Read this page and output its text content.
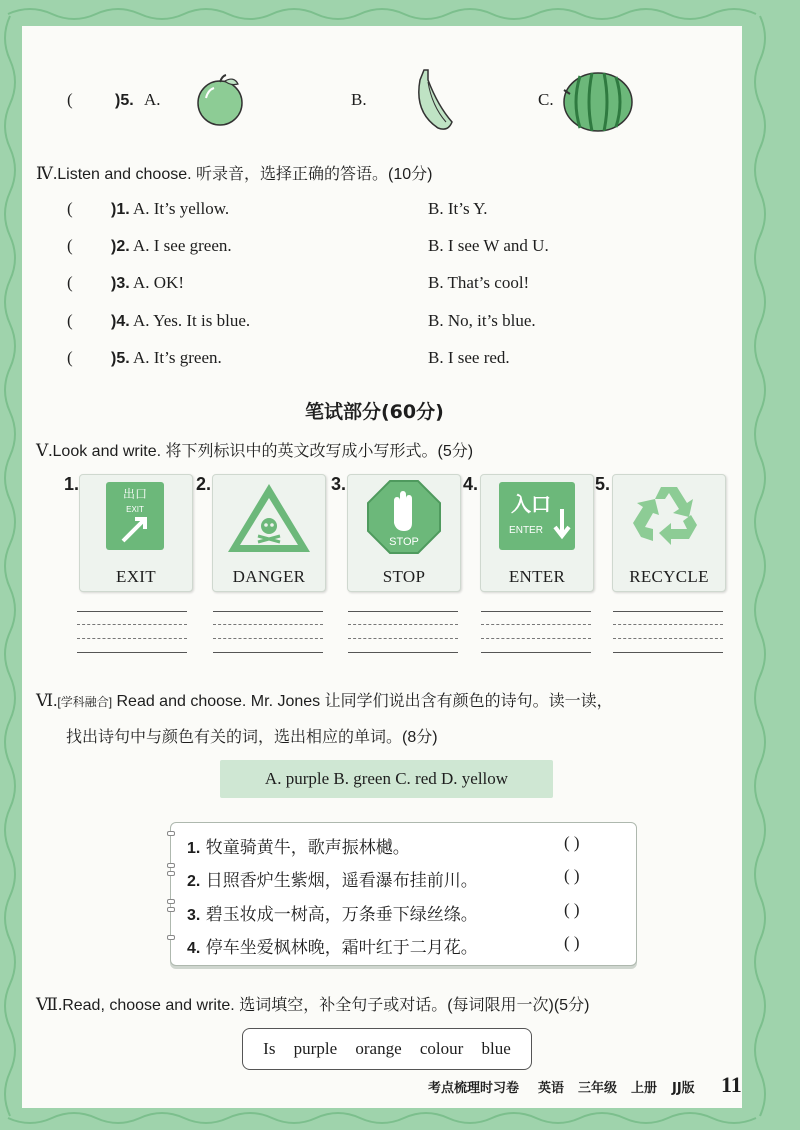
(	)5. A.	B.	C.
Ⅳ.Listen and choose. 听录音，选择正确的答语。(10分)
( )1. A. It’s yellow.	B. It’s Y.
( )2. A. I see green.	B. I see W and U.
( )3. A. OK!	B. That’s cool!
( )4. A. Yes. It is blue.	B. No, it’s blue.
( )5. A. It’s green.	B. I see red.
笔试部分(60分)
Ⅴ.Look and write. 将下列标识中的英文改写成小写形式。(5分)
1.	2.	3.	4.	5.
出口
EXIT
EXIT	DANGER
STOP
STOP
入口
ENTER
ENTER	RECYCLE
Ⅵ.[学科融合] Read and choose. Mr. Jones 让同学们说出含有颜色的诗句。读一读，
找出诗句中与颜色有关的词，选出相应的单词。(8分)
A. purple B. green C. red D. yellow
1. 牧童骑黄牛，歌声振林樾。	( )
2. 日照香炉生紫烟，遥看瀑布挂前川。	( )
3. 碧玉妆成一树高，万条垂下绿丝绦。	( )
4. 停车坐爱枫林晚，霜叶红于二月花。	( )
Ⅶ.Read, choose and write. 选词填空，补全句子或对话。(每词限用一次)(5分)
Is purple orange colour blue
考点梳理时习卷 英语 三年级 上册 JJ版 11
